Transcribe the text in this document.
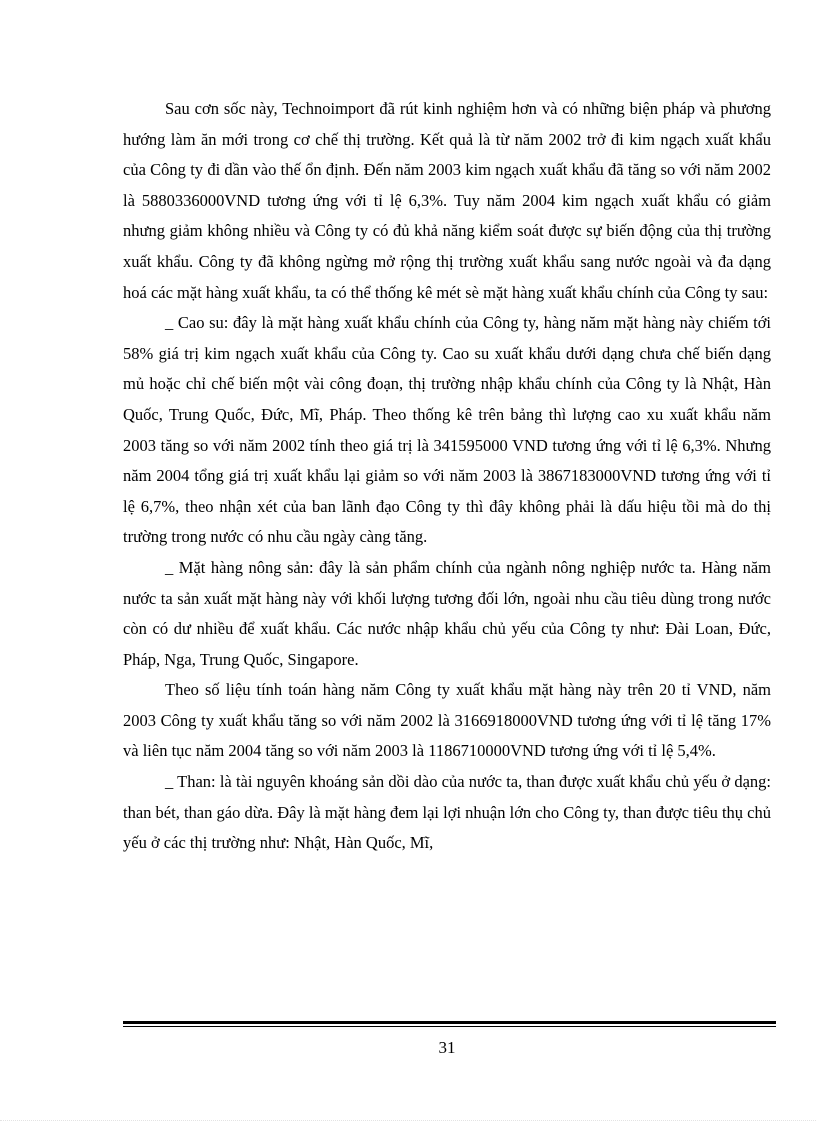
Sau cơn sốc này, Technoimport đã rút kinh nghiệm hơn và có những biện pháp và phương hướng làm ăn mới trong cơ chế thị trường. Kết quả là từ năm 2002 trở đi kim ngạch xuất khẩu của Công ty đi dần vào thế ổn định. Đến năm 2003 kim ngạch xuất khẩu đã tăng so với năm 2002 là 5880336000VND tương ứng với tỉ lệ 6,3%. Tuy năm 2004 kim ngạch xuất khẩu có giảm nhưng giảm không nhiều và Công ty có đủ khả năng kiểm soát được sự biến động của thị trường xuất khẩu. Công ty đã không ngừng mở rộng thị trường xuất khẩu sang nước ngoài và đa dạng hoá các mặt hàng xuất khẩu, ta có thể thống kê mét sè mặt hàng xuất khẩu chính của Công ty sau:

_ Cao su: đây là mặt hàng xuất khẩu chính của Công ty, hàng năm mặt hàng này chiếm tới 58% giá trị kim ngạch xuất khẩu của Công ty. Cao su xuất khẩu dưới dạng chưa chế biến dạng mủ hoặc chỉ chế biến một vài công đoạn, thị trường nhập khẩu chính của Công ty là Nhật, Hàn Quốc, Trung Quốc, Đức, Mĩ, Pháp. Theo thống kê trên bảng thì lượng cao xu xuất khẩu năm 2003 tăng so với năm 2002 tính theo giá trị là 341595000 VND tương ứng với tỉ lệ 6,3%. Nhưng năm 2004 tổng giá trị xuất khẩu lại giảm so với năm 2003 là 3867183000VND tương ứng với tỉ lệ 6,7%, theo nhận xét của ban lãnh đạo Công ty thì đây không phải là dấu hiệu tồi mà do thị trường trong nước có nhu cầu ngày càng tăng.

_ Mặt hàng nông sản: đây là sản phẩm chính của ngành nông nghiệp nước ta. Hàng năm nước ta sản xuất mặt hàng này với khối lượng tương đối lớn, ngoài nhu cầu tiêu dùng trong nước còn có dư nhiều để xuất khẩu. Các nước nhập khẩu chủ yếu của Công ty như: Đài Loan, Đức, Pháp, Nga, Trung Quốc, Singapore.

Theo số liệu tính toán hàng năm Công ty xuất khẩu mặt hàng này trên 20 tỉ VND, năm 2003 Công ty xuất khẩu tăng so với năm 2002 là 3166918000VND tương ứng với tỉ lệ tăng 17% và liên tục năm 2004 tăng so với năm 2003 là 1186710000VND tương ứng với tỉ lệ 5,4%.

_ Than: là tài nguyên khoáng sản dồi dào của nước ta, than được xuất khẩu chủ yếu ở dạng: than bét, than gáo dừa. Đây là mặt hàng đem lại lợi nhuận lớn cho Công ty, than được tiêu thụ chủ yếu ở các thị trường như: Nhật, Hàn Quốc, Mĩ,

31
